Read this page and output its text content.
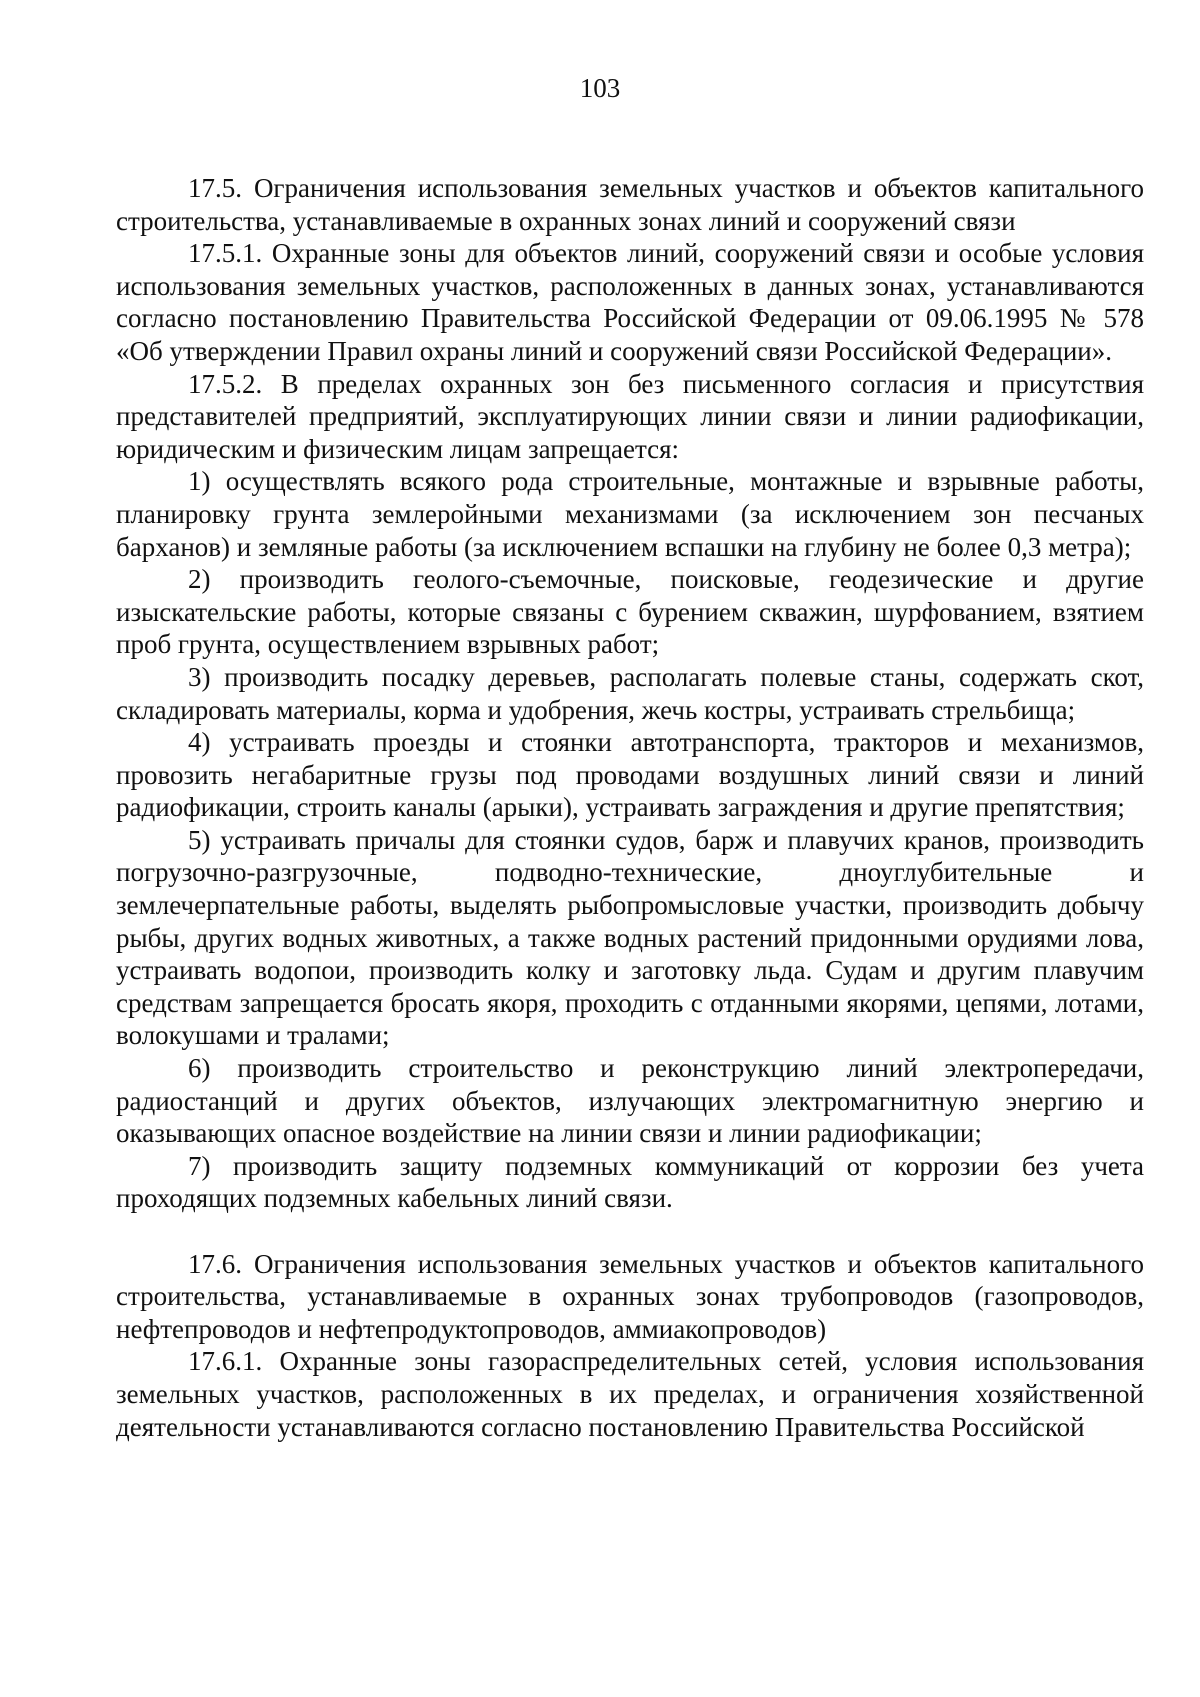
103

17.5. Ограничения использования земельных участков и объектов капитального строительства, устанавливаемые в охранных зонах линий и сооружений связи

17.5.1. Охранные зоны для объектов линий, сооружений связи и особые условия использования земельных участков, расположенных в данных зонах, устанавливаются согласно постановлению Правительства Российской Федерации от 09.06.1995 № 578 «Об утверждении Правил охраны линий и сооружений связи Российской Федерации».

17.5.2. В пределах охранных зон без письменного согласия и присутствия представителей предприятий, эксплуатирующих линии связи и линии радиофикации, юридическим и физическим лицам запрещается:

1) осуществлять всякого рода строительные, монтажные и взрывные работы, планировку грунта землеройными механизмами (за исключением зон песчаных барханов) и земляные работы (за исключением вспашки на глубину не более 0,3 метра);

2) производить геолого-съемочные, поисковые, геодезические и другие изыскательские работы, которые связаны с бурением скважин, шурфованием, взятием проб грунта, осуществлением взрывных работ;

3) производить посадку деревьев, располагать полевые станы, содержать скот, складировать материалы, корма и удобрения, жечь костры, устраивать стрельбища;

4) устраивать проезды и стоянки автотранспорта, тракторов и механизмов, провозить негабаритные грузы под проводами воздушных линий связи и линий радиофикации, строить каналы (арыки), устраивать заграждения и другие препятствия;

5) устраивать причалы для стоянки судов, барж и плавучих кранов, производить погрузочно-разгрузочные, подводно-технические, дноуглубительные и землечерпательные работы, выделять рыбопромысловые участки, производить добычу рыбы, других водных животных, а также водных растений придонными орудиями лова, устраивать водопои, производить колку и заготовку льда. Судам и другим плавучим средствам запрещается бросать якоря, проходить с отданными якорями, цепями, лотами, волокушами и тралами;

6) производить строительство и реконструкцию линий электропередачи, радиостанций и других объектов, излучающих электромагнитную энергию и оказывающих опасное воздействие на линии связи и линии радиофикации;

7) производить защиту подземных коммуникаций от коррозии без учета проходящих подземных кабельных линий связи.

17.6. Ограничения использования земельных участков и объектов капитального строительства, устанавливаемые в охранных зонах трубопроводов (газопроводов, нефтепроводов и нефтепродуктопроводов, аммиакопроводов)

17.6.1. Охранные зоны газораспределительных сетей, условия использования земельных участков, расположенных в их пределах, и ограничения хозяйственной деятельности устанавливаются согласно постановлению Правительства Российской
